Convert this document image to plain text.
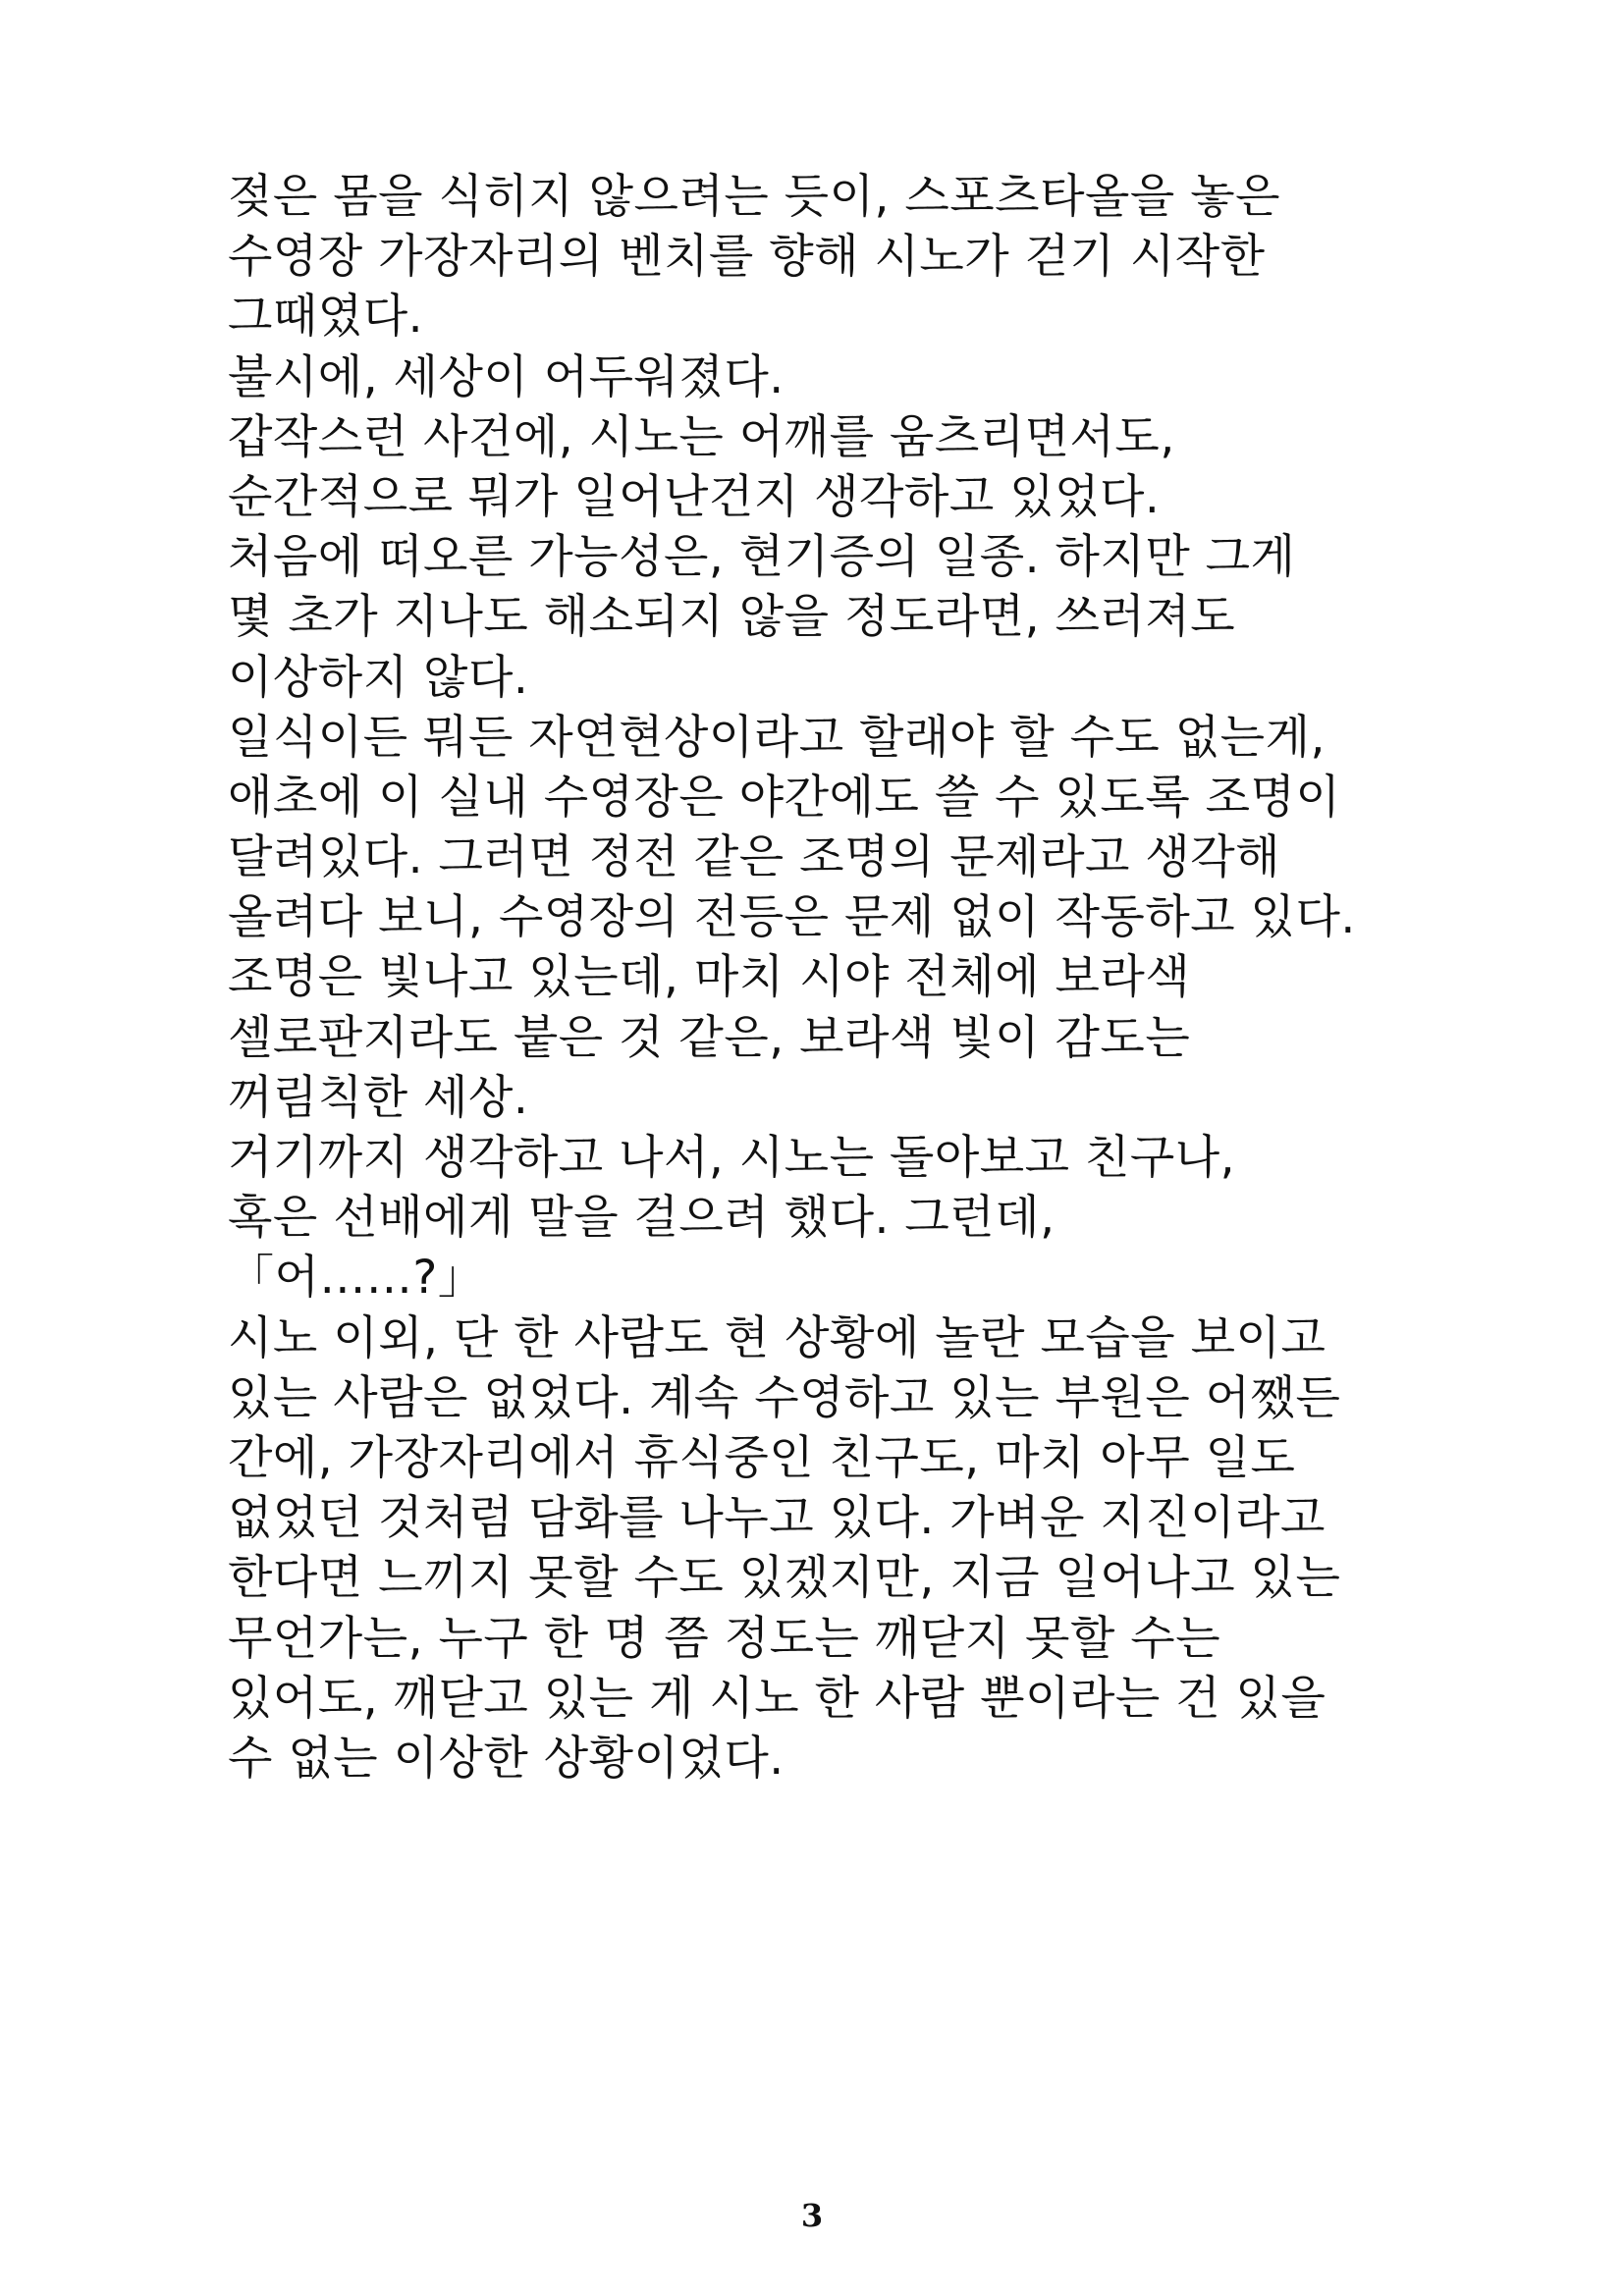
젖은 몸을 식히지 않으려는 듯이, 스포츠타올을 놓은
수영장 가장자리의 벤치를 향해 시노가 걷기 시작한
그때였다.
불시에, 세상이 어두워졌다.
갑작스런 사건에, 시노는 어깨를 움츠리면서도,
순간적으로 뭐가 일어난건지 생각하고 있었다.
처음에 떠오른 가능성은, 현기증의 일종. 하지만 그게
몇 초가 지나도 해소되지 않을 정도라면, 쓰러져도
이상하지 않다.
일식이든 뭐든 자연현상이라고 할래야 할 수도 없는게,
애초에 이 실내 수영장은 야간에도 쓸 수 있도록 조명이
달려있다. 그러면 정전 같은 조명의 문제라고 생각해
올려다 보니, 수영장의 전등은 문제 없이 작동하고 있다.
조명은 빛나고 있는데, 마치 시야 전체에 보라색
셀로판지라도 붙은 것 같은, 보라색 빛이 감도는
꺼림칙한 세상.
거기까지 생각하고 나서, 시노는 돌아보고 친구나,
혹은 선배에게 말을 걸으려 했다. 그런데,
「어……?」
시노 이외, 단 한 사람도 현 상황에 놀란 모습을 보이고
있는 사람은 없었다. 계속 수영하고 있는 부원은 어쨌든
간에, 가장자리에서 휴식중인 친구도, 마치 아무 일도
없었던 것처럼 담화를 나누고 있다. 가벼운 지진이라고
한다면 느끼지 못할 수도 있겠지만, 지금 일어나고 있는
무언가는, 누구 한 명 쯤 정도는 깨닫지 못할 수는
있어도, 깨닫고 있는 게 시노 한 사람 뿐이라는 건 있을
수 없는 이상한 상황이었다.
3
